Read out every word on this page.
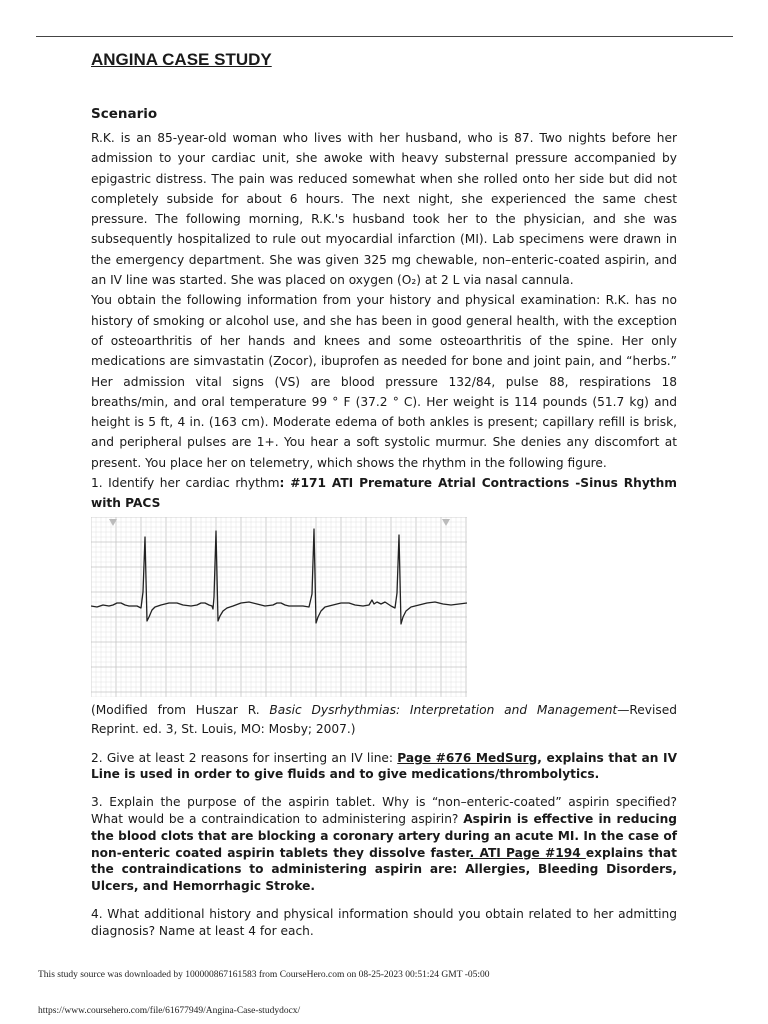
ANGINA CASE STUDY
Scenario

R.K. is an 85-year-old woman who lives with her husband, who is 87. Two nights before her admission to your cardiac unit, she awoke with heavy substernal pressure accompanied by epigastric distress. The pain was reduced somewhat when she rolled onto her side but did not completely subside for about 6 hours. The next night, she experienced the same chest pressure. The following morning, R.K.'s husband took her to the physician, and she was subsequently hospitalized to rule out myocardial infarction (MI). Lab specimens were drawn in the emergency department. She was given 325 mg chewable, non–enteric-coated aspirin, and an IV line was started. She was placed on oxygen (O₂) at 2 L via nasal cannula.

You obtain the following information from your history and physical examination: R.K. has no history of smoking or alcohol use, and she has been in good general health, with the exception of osteoarthritis of her hands and knees and some osteoarthritis of the spine. Her only medications are simvastatin (Zocor), ibuprofen as needed for bone and joint pain, and “herbs.” Her admission vital signs (VS) are blood pressure 132/84, pulse 88, respirations 18 breaths/min, and oral temperature 99 ° F (37.2 ° C). Her weight is 114 pounds (51.7 kg) and height is 5 ft, 4 in. (163 cm). Moderate edema of both ankles is present; capillary refill is brisk, and peripheral pulses are 1+. You hear a soft systolic murmur. She denies any discomfort at present. You place her on telemetry, which shows the rhythm in the following figure.

1. Identify her cardiac rhythm: #171 ATI Premature Atrial Contractions -Sinus Rhythm with PACS

(Modified from Huszar R. Basic Dysrhythmias: Interpretation and Management—Revised Reprint. ed. 3, St. Louis, MO: Mosby; 2007.)

2. Give at least 2 reasons for inserting an IV line: Page #676 MedSurg, explains that an IV Line is used in order to give fluids and to give medications/thrombolytics.

3. Explain the purpose of the aspirin tablet. Why is “non–enteric-coated” aspirin specified? What would be a contraindication to administering aspirin? Aspirin is effective in reducing the blood clots that are blocking a coronary artery during an acute MI. In the case of non-enteric coated aspirin tablets they dissolve faster. ATI Page #194 explains that the contraindications to administering aspirin are: Allergies, Bleeding Disorders, Ulcers, and Hemorrhagic Stroke.

4. What additional history and physical information should you obtain related to her admitting diagnosis? Name at least 4 for each.

This study source was downloaded by 100000867161583 from CourseHero.com on 08-25-2023 00:51:24 GMT -05:00
https://www.coursehero.com/file/61677949/Angina-Case-studydocx/
